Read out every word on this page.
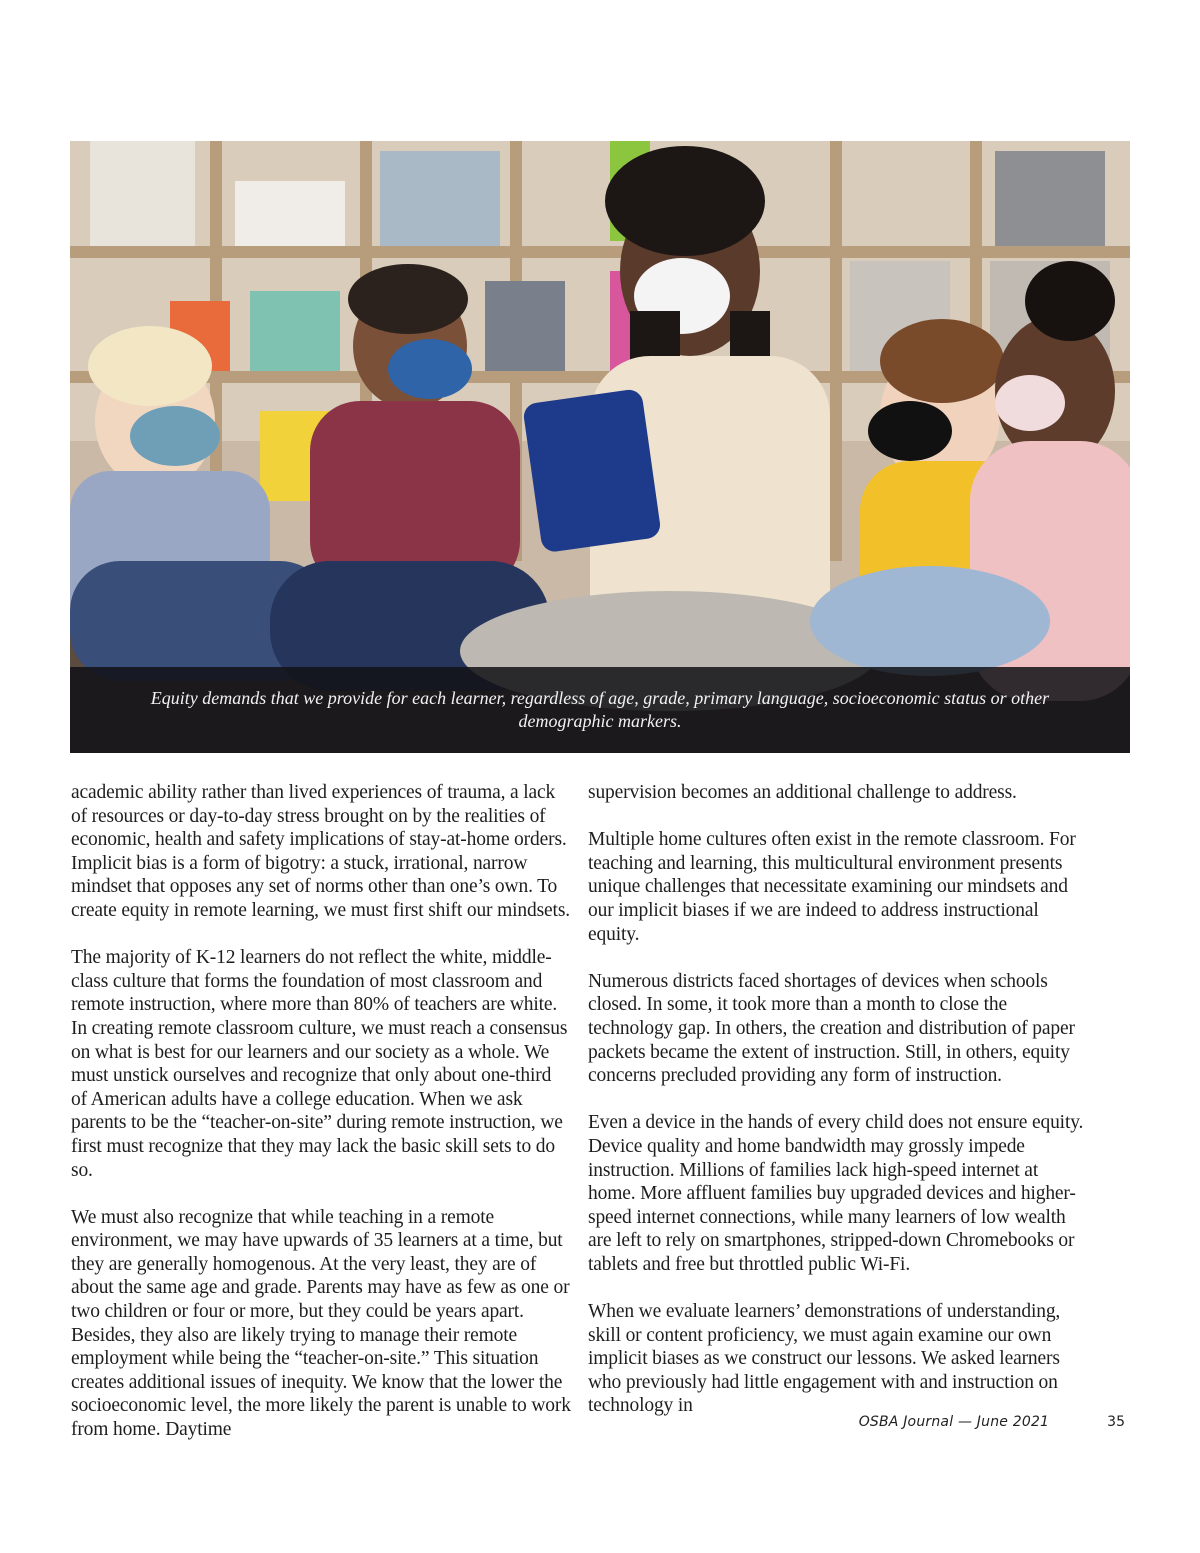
Equity demands that we provide for each learner, regardless of age, grade, primary language, socioeconomic status or other demographic markers.

academic ability rather than lived experiences of trauma, a lack of resources or day-to-day stress brought on by the realities of economic, health and safety implications of stay-at-home orders. Implicit bias is a form of bigotry: a stuck, irrational, narrow mindset that opposes any set of norms other than one’s own. To create equity in remote learning, we must first shift our mindsets.

The majority of K-12 learners do not reflect the white, middle-class culture that forms the foundation of most classroom and remote instruction, where more than 80% of teachers are white. In creating remote classroom culture, we must reach a consensus on what is best for our learners and our society as a whole. We must unstick ourselves and recognize that only about one-third of American adults have a college education. When we ask parents to be the “teacher-on-site” during remote instruction, we first must recognize that they may lack the basic skill sets to do so.

We must also recognize that while teaching in a remote environment, we may have upwards of 35 learners at a time, but they are generally homogenous. At the very least, they are of about the same age and grade. Parents may have as few as one or two children or four or more, but they could be years apart. Besides, they also are likely trying to manage their remote employment while being the “teacher-on-site.” This situation creates additional issues of inequity. We know that the lower the socioeconomic level, the more likely the parent is unable to work from home. Daytime

supervision becomes an additional challenge to address.

Multiple home cultures often exist in the remote classroom. For teaching and learning, this multicultural environment presents unique challenges that necessitate examining our mindsets and our implicit biases if we are indeed to address instructional equity.

Numerous districts faced shortages of devices when schools closed. In some, it took more than a month to close the technology gap. In others, the creation and distribution of paper packets became the extent of instruction. Still, in others, equity concerns precluded providing any form of instruction.

Even a device in the hands of every child does not ensure equity. Device quality and home bandwidth may grossly impede instruction. Millions of families lack high-speed internet at home. More affluent families buy upgraded devices and higher-speed internet connections, while many learners of low wealth are left to rely on smartphones, stripped-down Chromebooks or tablets and free but throttled public Wi-Fi.

When we evaluate learners’ demonstrations of understanding, skill or content proficiency, we must again examine our own implicit biases as we construct our lessons. We asked learners who previously had little engagement with and instruction on technology in

OSBA Journal — June 2021	35
